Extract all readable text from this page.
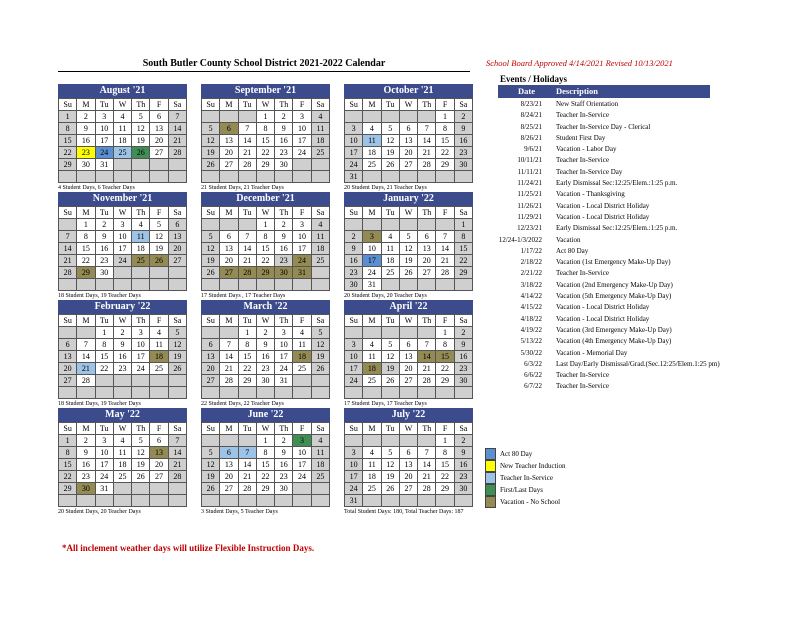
South Butler County School District 2021-2022 Calendar	School Board Approved 4/14/2021 Revised 10/13/2021
August '21
Su	M	Tu	W	Th	F	Sa
1	2	3	4	5	6	7
8	9	10	11	12	13	14
15	16	17	18	19	20	21
22	23	24	25	26	27	28
29	30	31				

4 Student Days, 6 Teacher Days
September '21
Su	M	Tu	W	Th	F	Sa
			1	2	3	4
5	6	7	8	9	10	11
12	13	14	15	16	17	18
19	20	21	22	23	24	25
26	27	28	29	30		

21 Student Days, 21 Teacher Days
October '21
Su	M	Tu	W	Th	F	Sa
					1	2
3	4	5	6	7	8	9
10	11	12	13	14	15	16
17	18	19	20	21	22	23
24	25	26	27	28	29	30
31						
20 Student Days, 21 Teacher Days
November '21
Su	M	Tu	W	Th	F	Sa
	1	2	3	4	5	6
7	8	9	10	11	12	13
14	15	16	17	18	19	20
21	22	23	24	25	26	27
28	29	30				

18 Student Days, 19 Teacher Days
December '21
Su	M	Tu	W	Th	F	Sa
			1	2	3	4
5	6	7	8	9	10	11
12	13	14	15	16	17	18
19	20	21	22	23	24	25
26	27	28	29	30	31	

17 Student Days , 17 Teacher Days
January '22
Su	M	Tu	W	Th	F	Sa
						1
2	3	4	5	6	7	8
9	10	11	12	13	14	15
16	17	18	19	20	21	22
23	24	25	26	27	28	29
30	31					
20 Student Days, 20 Teacher Days
February '22
Su	M	Tu	W	Th	F	Sa
		1	2	3	4	5
6	7	8	9	10	11	12
13	14	15	16	17	18	19
20	21	22	23	24	25	26
27	28					

18 Student Days, 19 Teacher Days
March '22
Su	M	Tu	W	Th	F	Sa
		1	2	3	4	5
6	7	8	9	10	11	12
13	14	15	16	17	18	19
20	21	22	23	24	25	26
27	28	29	30	31		

22 Student Days, 22 Teacher Days
April '22
Su	M	Tu	W	Th	F	Sa
					1	2
3	4	5	6	7	8	9
10	11	12	13	14	15	16
17	18	19	20	21	22	23
24	25	26	27	28	29	30

17 Student Days, 17 Teacher Days
May '22
Su	M	Tu	W	Th	F	Sa
1	2	3	4	5	6	7
8	9	10	11	12	13	14
15	16	17	18	19	20	21
22	23	24	25	26	27	28
29	30	31				

20 Student Days, 20 Teacher Days
June '22
Su	M	Tu	W	Th	F	Sa
			1	2	3	4
5	6	7	8	9	10	11
12	13	14	15	16	17	18
19	20	21	22	23	24	25
26	27	28	29	30		

3 Student Days, 5 Teacher Days
July '22
Su	M	Tu	W	Th	F	Sa
					1	2
3	4	5	6	7	8	9
10	11	12	13	14	15	16
17	18	19	20	21	22	23
24	25	26	27	28	29	30
31						
Total Student Days: 180, Total Teacher Days: 187
Events / Holidays
Date Description
8/23/21 New Staff Orientation
8/24/21 Teacher In-Service
8/25/21 Teacher In-Service Day - Clerical
8/26/21 Student First Day
9/6/21 Vacation - Labor Day
10/11/21 Teacher In-Service
11/11/21 Teacher In-Service Day
11/24/21 Early Dismissal Sec:12:25/Elem.:1:25 p.m.
11/25/21 Vacation - Thanksgiving
11/26/21 Vacation - Local District Holiday
11/29/21 Vacation - Local District Holiday
12/23/21 Early Dismissal Sec:12:25/Elem.:1:25 p.m.
12/24-1/3/2022 Vacation
1/17/22 Act 80 Day
2/18/22 Vacation (1st Emergency Make-Up Day)
2/21/22 Teacher In-Service
3/18/22 Vacation (2nd Emergency Make-Up Day)
4/14/22 Vacation (5th Emergency Make-Up Day)
4/15/22 Vacation - Local District Holiday
4/18/22 Vacation - Local District Holiday
4/19/22 Vacation (3rd Emergency Make-Up Day)
5/13/22 Vacation (4th Emergency Make-Up Day)
5/30/22 Vacation - Memorial Day
6/3/22 Last Day/Early Dismissal/Grad.(Sec.12:25/Elem.1:25 pm)
6/6/22 Teacher In-Service
6/7/22 Teacher In-Service
Act 80 Day
New Teacher Induction
Teacher In-Service
First/Last Days
Vacation - No School
*All inclement weather days will utilize Flexible Instruction Days.
